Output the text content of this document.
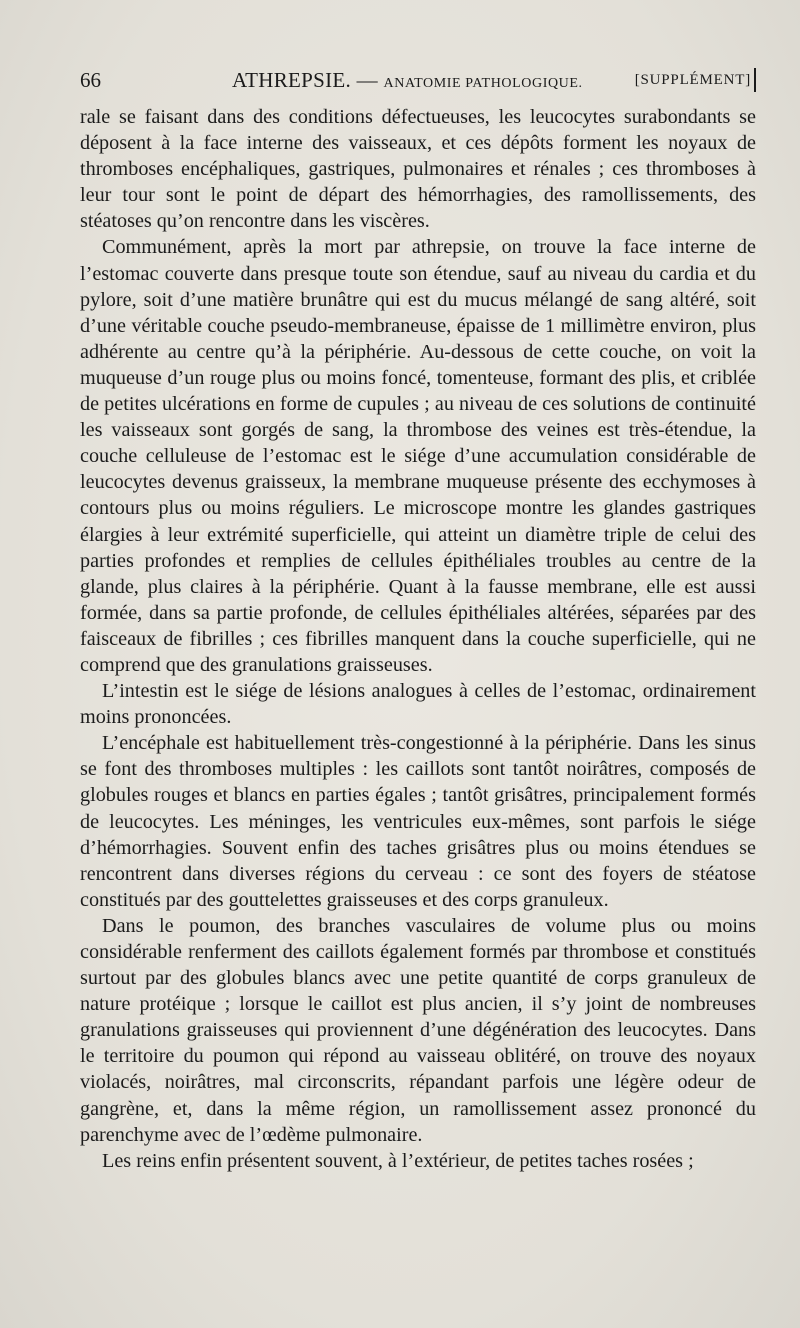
66	ATHREPSIE. — ANATOMIE PATHOLOGIQUE.	[SUPPLÉMENT]

rale se faisant dans des conditions défectueuses, les leucocytes surabondants se déposent à la face interne des vaisseaux, et ces dépôts forment les noyaux de thromboses encéphaliques, gastriques, pulmonaires et rénales ; ces thromboses à leur tour sont le point de départ des hémorrhagies, des ramollissements, des stéatoses qu’on rencontre dans les viscères.

Communément, après la mort par athrepsie, on trouve la face interne de l’estomac couverte dans presque toute son étendue, sauf au niveau du cardia et du pylore, soit d’une matière brunâtre qui est du mucus mélangé de sang altéré, soit d’une véritable couche pseudo-membraneuse, épaisse de 1 millimètre environ, plus adhérente au centre qu’à la périphérie. Au-dessous de cette couche, on voit la muqueuse d’un rouge plus ou moins foncé, tomenteuse, formant des plis, et criblée de petites ulcérations en forme de cupules ; au niveau de ces solutions de continuité les vaisseaux sont gorgés de sang, la thrombose des veines est très-étendue, la couche celluleuse de l’estomac est le siége d’une accumulation considérable de leucocytes devenus graisseux, la membrane muqueuse présente des ecchymoses à contours plus ou moins réguliers. Le microscope montre les glandes gastriques élargies à leur extrémité superficielle, qui atteint un diamètre triple de celui des parties profondes et remplies de cellules épithéliales troubles au centre de la glande, plus claires à la périphérie. Quant à la fausse membrane, elle est aussi formée, dans sa partie profonde, de cellules épithéliales altérées, séparées par des faisceaux de fibrilles ; ces fibrilles manquent dans la couche superficielle, qui ne comprend que des granulations graisseuses.

L’intestin est le siége de lésions analogues à celles de l’estomac, ordinairement moins prononcées.

L’encéphale est habituellement très-congestionné à la périphérie. Dans les sinus se font des thromboses multiples : les caillots sont tantôt noirâtres, composés de globules rouges et blancs en parties égales ; tantôt grisâtres, principalement formés de leucocytes. Les méninges, les ventricules eux-mêmes, sont parfois le siége d’hémorrhagies. Souvent enfin des taches grisâtres plus ou moins étendues se rencontrent dans diverses régions du cerveau : ce sont des foyers de stéatose constitués par des gouttelettes graisseuses et des corps granuleux.

Dans le poumon, des branches vasculaires de volume plus ou moins considérable renferment des caillots également formés par thrombose et constitués surtout par des globules blancs avec une petite quantité de corps granuleux de nature protéique ; lorsque le caillot est plus ancien, il s’y joint de nombreuses granulations graisseuses qui proviennent d’une dégénération des leucocytes. Dans le territoire du poumon qui répond au vaisseau oblitéré, on trouve des noyaux violacés, noirâtres, mal circonscrits, répandant parfois une légère odeur de gangrène, et, dans la même région, un ramollissement assez prononcé du parenchyme avec de l’œdème pulmonaire.

Les reins enfin présentent souvent, à l’extérieur, de petites taches rosées ;
